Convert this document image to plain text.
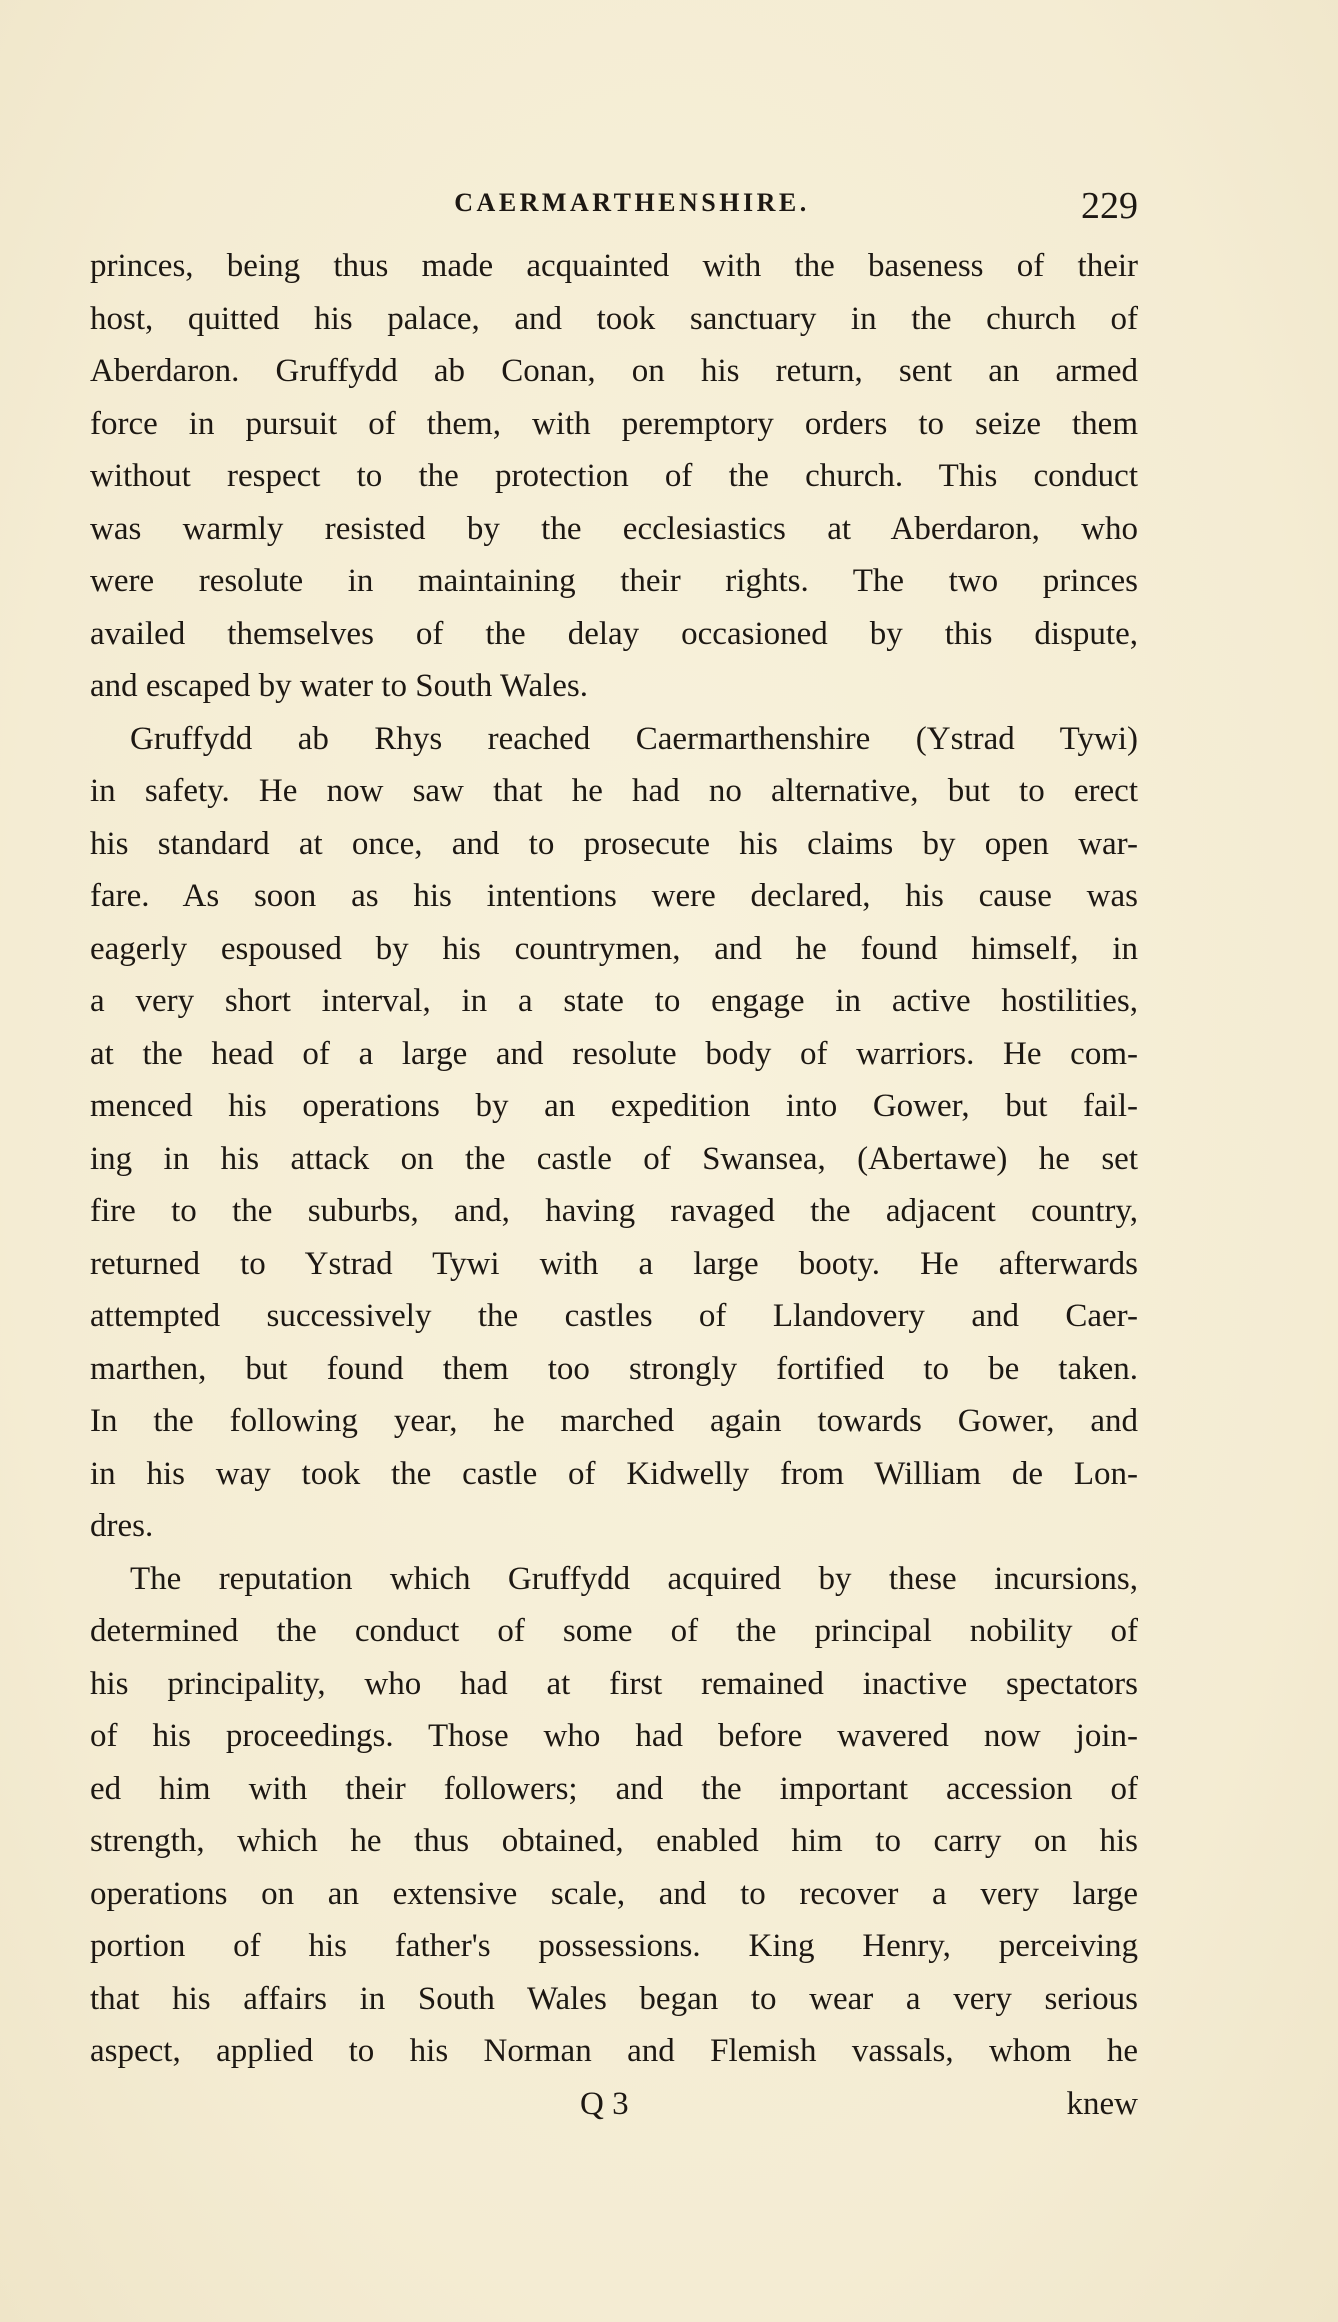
CAERMARTHENSHIRE.	229
princes, being thus made acquainted with the baseness of their
host, quitted his palace, and took sanctuary in the church of
Aberdaron. Gruffydd ab Conan, on his return, sent an armed
force in pursuit of them, with peremptory orders to seize them
without respect to the protection of the church. This conduct
was warmly resisted by the ecclesiastics at Aberdaron, who
were resolute in maintaining their rights. The two princes
availed themselves of the delay occasioned by this dispute,
and escaped by water to South Wales.
Gruffydd ab Rhys reached Caermarthenshire (Ystrad Tywi)
in safety. He now saw that he had no alternative, but to erect
his standard at once, and to prosecute his claims by open war-
fare. As soon as his intentions were declared, his cause was
eagerly espoused by his countrymen, and he found himself, in
a very short interval, in a state to engage in active hostilities,
at the head of a large and resolute body of warriors. He com-
menced his operations by an expedition into Gower, but fail-
ing in his attack on the castle of Swansea, (Abertawe) he set
fire to the suburbs, and, having ravaged the adjacent country,
returned to Ystrad Tywi with a large booty. He afterwards
attempted successively the castles of Llandovery and Caer-
marthen, but found them too strongly fortified to be taken.
In the following year, he marched again towards Gower, and
in his way took the castle of Kidwelly from William de Lon-
dres.
The reputation which Gruffydd acquired by these incursions,
determined the conduct of some of the principal nobility of
his principality, who had at first remained inactive spectators
of his proceedings. Those who had before wavered now join-
ed him with their followers; and the important accession of
strength, which he thus obtained, enabled him to carry on his
operations on an extensive scale, and to recover a very large
portion of his father's possessions. King Henry, perceiving
that his affairs in South Wales began to wear a very serious
aspect, applied to his Norman and Flemish vassals, whom he
Q 3	knew
